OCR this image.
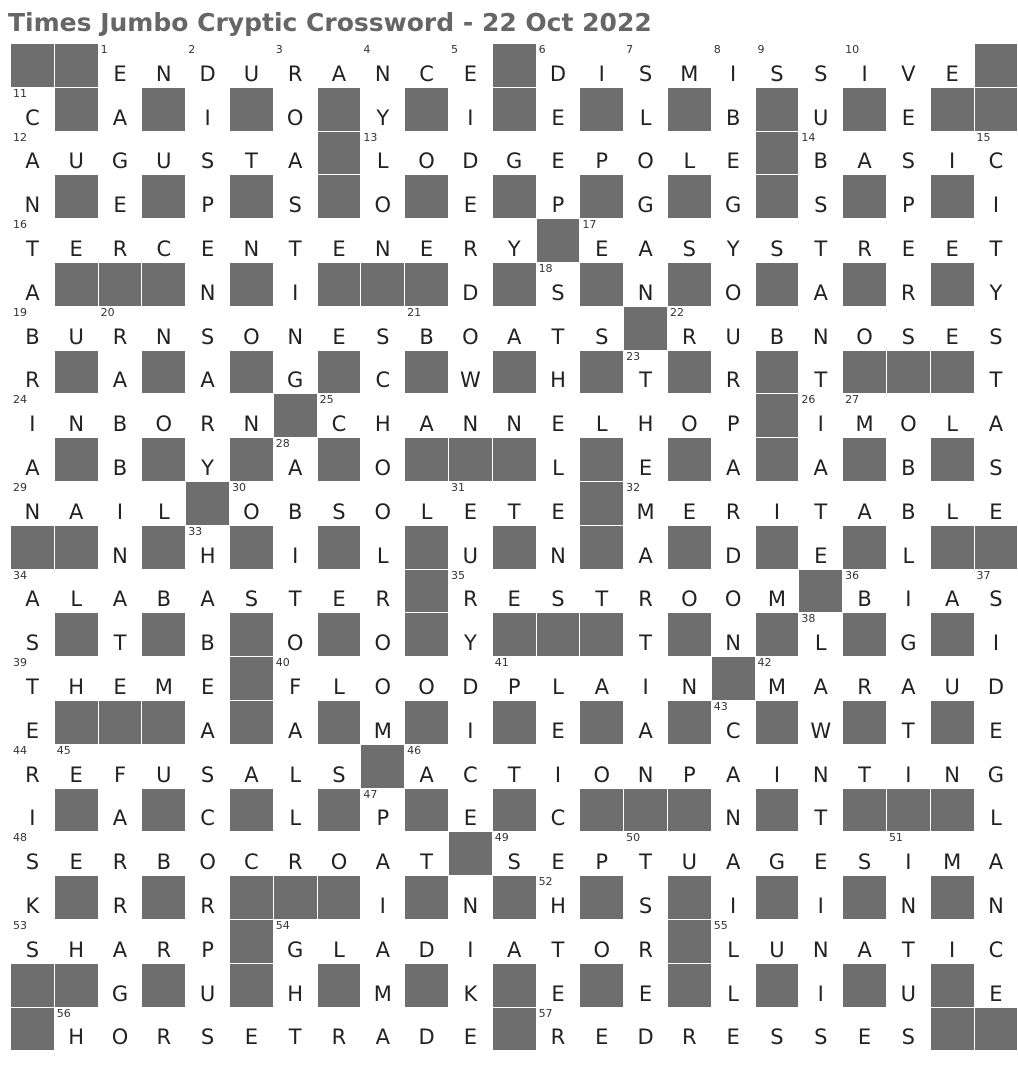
Times Jumbo Cryptic Crossword - 22 Oct 2022

		1
E	N	2
D	U	3
R	A	4
N	C	5
E		6
D	I	7
S	M	8
I	9
S	S	10
I	V	E	

11
C		A		I		O		Y		I		E		L		B		U		E		

12
A	U	G	U	S	T	A		13
L	O	D	G	E	P	O	L	E		14
B	A	S	I	15
C

N		E		P		S		O		E		P		G		G		S		P		I

16
T	E	R	C	E	N	T	E	N	E	R	Y		17
E	A	S	Y	S	T	R	E	E	T

A				N		I				D		18
S		N		O		A		R		Y

19
B	U	20
R	N	S	O	N	E	S	21
B	O	A	T	S		22
R	U	B	N	O	S	E	S

R		A		A		G		C		W		H		23
T		R		T				T

24
I	N	B	O	R	N		25
C	H	A	N	N	E	L	H	O	P		26
I	27
M	O	L	A

A		B		Y		28
A		O				L		E		A		A		B		S

29
N	A	I	L		30
O	B	S	O	L	31
E	T	E		32
M	E	R	I	T	A	B	L	E

		N		33
H		I		L		U		N		A		D		E		L		

34
A	L	A	B	A	S	T	E	R		35
R	E	S	T	R	O	O	M		36
B	I	A	37
S

S		T		B		O		O		Y				T		N		38
L		G		I

39
T	H	E	M	E		40
F	L	O	O	D	41
P	L	A	I	N		42
M	A	R	A	U	D

E				A		A		M		I		E		A		43
C		W		T		E

44
R	45
E	F	U	S	A	L	S		46
A	C	T	I	O	N	P	A	I	N	T	I	N	G

I		A		C		L		47
P		E		C				N		T				L

48
S	E	R	B	O	C	R	O	A	T		49
S	E	P	50
T	U	A	G	E	S	51
I	M	A

K		R		R				I		N		52
H		S		I		I		N		N

53
S	H	A	R	P		54
G	L	A	D	I	A	T	O	R		55
L	U	N	A	T	I	C

		G		U		H		M		K		E		E		L		I		U		E

	56
H	O	R	S	E	T	R	A	D	E		57
R	E	D	R	E	S	S	E	S		
